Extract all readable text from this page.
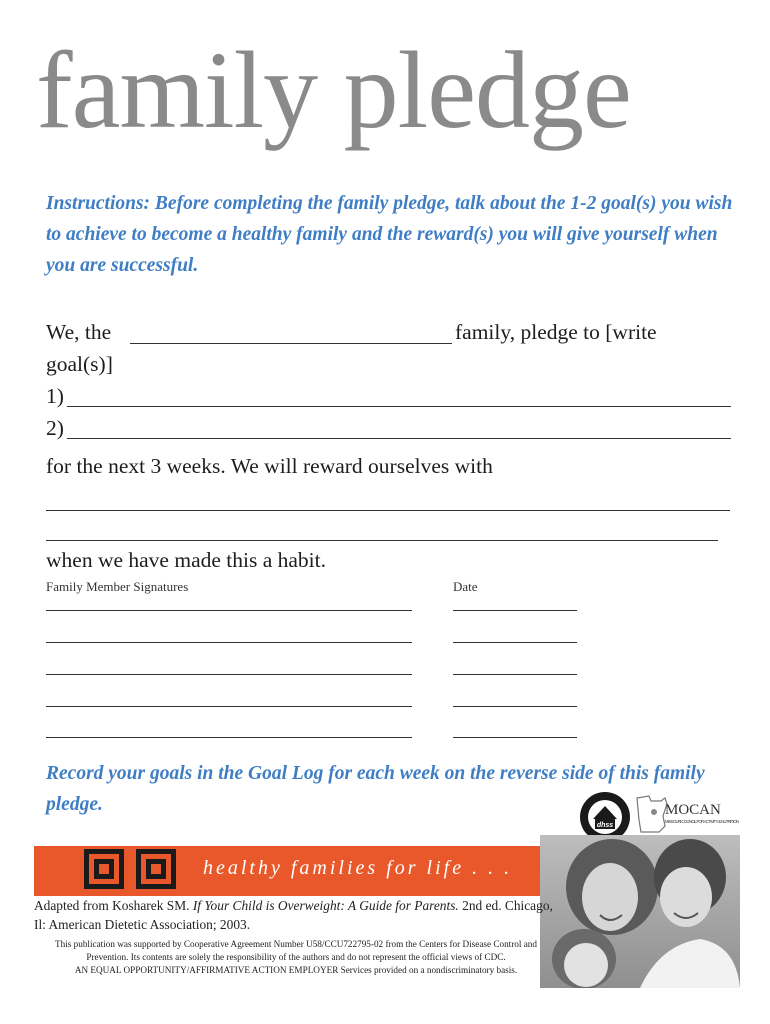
family pledge
Instructions: Before completing the family pledge, talk about the 1-2 goal(s) you wish to achieve to become a healthy family and the reward(s) you will give yourself when you are successful.
We, the	family, pledge to [write
goal(s)]
1)
2)
for the next 3 weeks. We will reward ourselves with
when we have made this a habit.
Family Member Signatures	Date
Record your goals in the Goal Log for each week on the reverse side of this family pledge.
dhss
MOCAN
MISSOURI COUNCIL FOR ACTIVITY & NUTRITION
healthy families for life . . .
Adapted from Kosharek SM. If Your Child is Overweight: A Guide for Parents. 2nd ed. Chicago, Il: American Dietetic Association; 2003.
This publication was supported by Cooperative Agreement Number U58/CCU722795-02 from the Centers for Disease Control and Prevention. Its contents are solely the responsibility of the authors and do not represent the official views of CDC.
AN EQUAL OPPORTUNITY/AFFIRMATIVE ACTION EMPLOYER Services provided on a nondiscriminatory basis.
